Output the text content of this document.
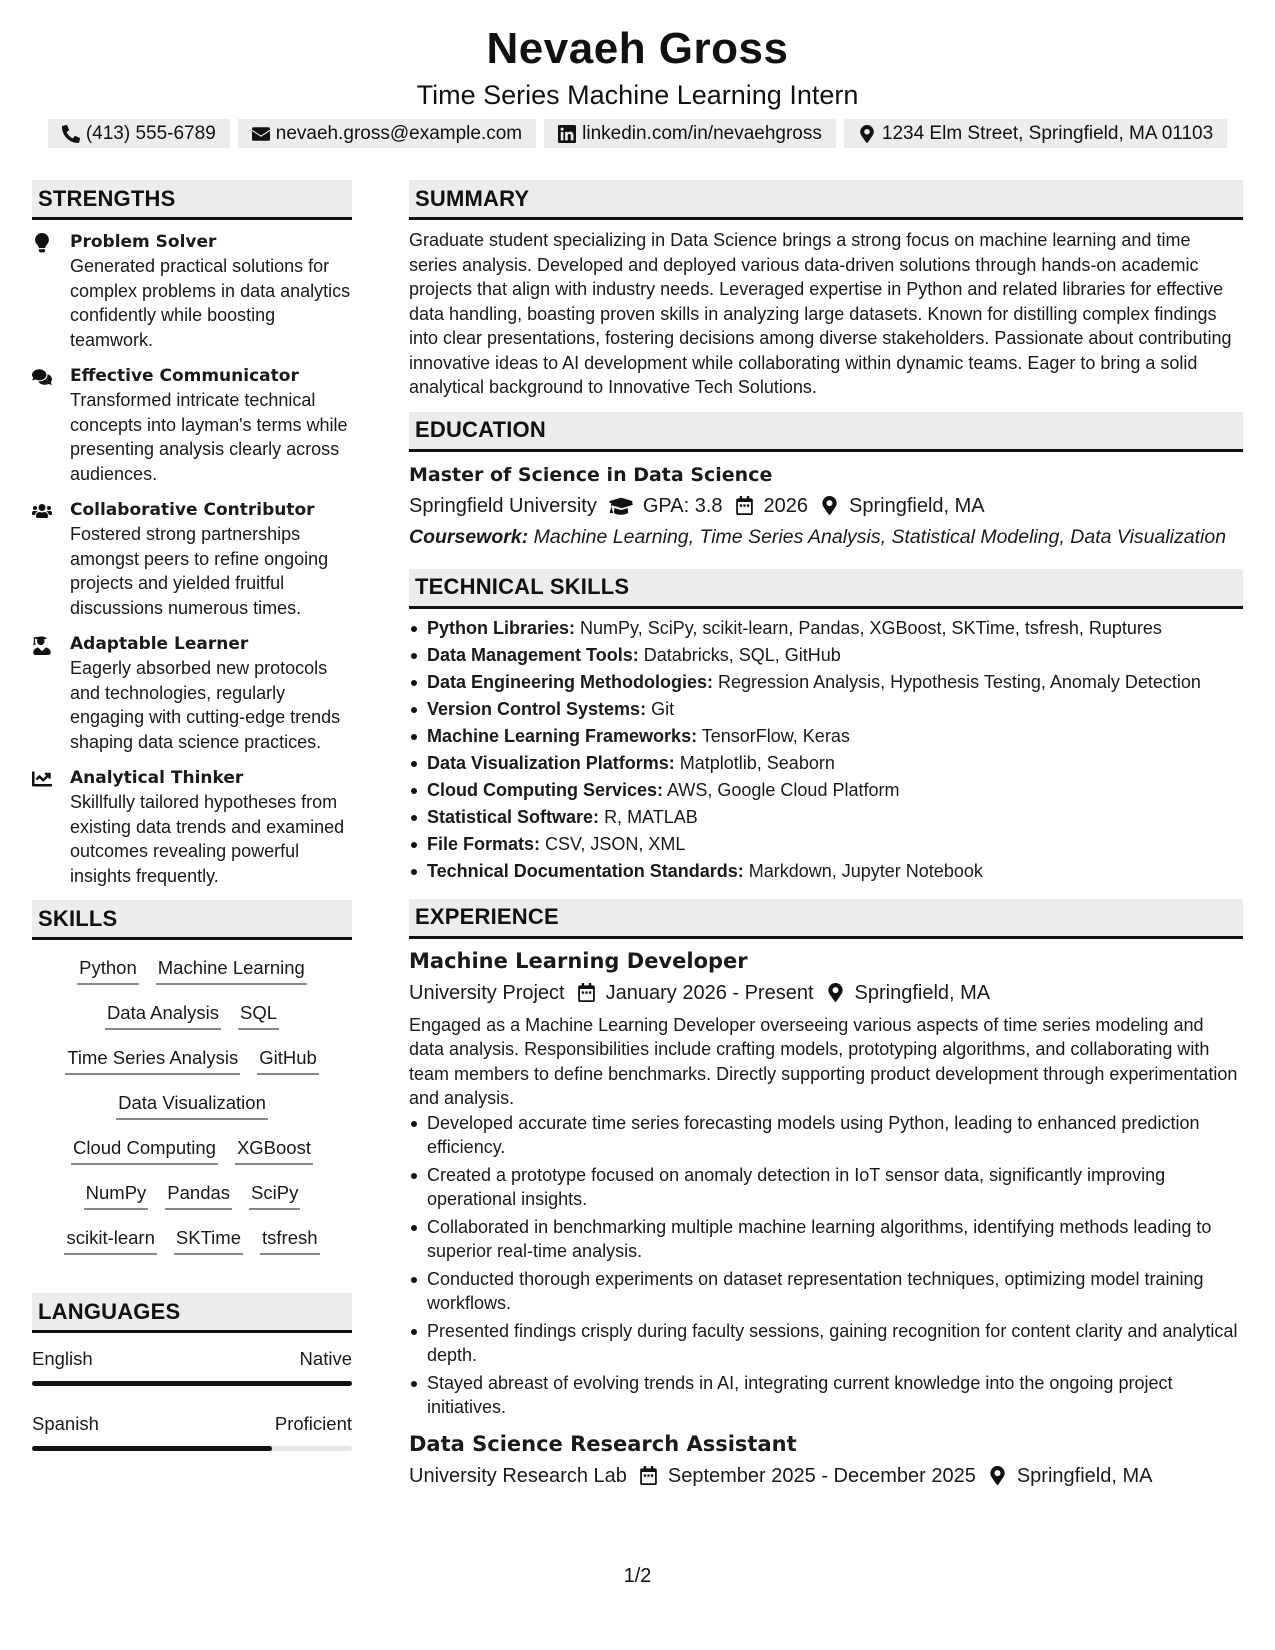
Nevaeh Gross
Time Series Machine Learning Intern
(413) 555-6789	nevaeh.gross@example.com	linkedin.com/in/nevaehgross	1234 Elm Street, Springfield, MA 01103
STRENGTHS
Problem Solver
Generated practical solutions for complex problems in data analytics confidently while boosting teamwork.
Effective Communicator
Transformed intricate technical concepts into layman's terms while presenting analysis clearly across audiences.
Collaborative Contributor
Fostered strong partnerships amongst peers to refine ongoing projects and yielded fruitful discussions numerous times.
Adaptable Learner
Eagerly absorbed new protocols and technologies, regularly engaging with cutting-edge trends shaping data science practices.
Analytical Thinker
Skillfully tailored hypotheses from existing data trends and examined outcomes revealing powerful insights frequently.
SKILLS
Python Machine Learning
Data Analysis SQL
Time Series Analysis GitHub
Data Visualization
Cloud Computing XGBoost
NumPy Pandas SciPy
scikit-learn SKTime tsfresh
LANGUAGES
English	Native
Spanish	Proficient
SUMMARY
Graduate student specializing in Data Science brings a strong focus on machine learning and time series analysis. Developed and deployed various data-driven solutions through hands-on academic projects that align with industry needs. Leveraged expertise in Python and related libraries for effective data handling, boasting proven skills in analyzing large datasets. Known for distilling complex findings into clear presentations, fostering decisions among diverse stakeholders. Passionate about contributing innovative ideas to AI development while collaborating within dynamic teams. Eager to bring a solid analytical background to Innovative Tech Solutions.
EDUCATION
Master of Science in Data Science
Springfield University GPA: 3.8 2026 Springfield, MA
Coursework: Machine Learning, Time Series Analysis, Statistical Modeling, Data Visualization
TECHNICAL SKILLS
Python Libraries: NumPy, SciPy, scikit-learn, Pandas, XGBoost, SKTime, tsfresh, Ruptures
Data Management Tools: Databricks, SQL, GitHub
Data Engineering Methodologies: Regression Analysis, Hypothesis Testing, Anomaly Detection
Version Control Systems: Git
Machine Learning Frameworks: TensorFlow, Keras
Data Visualization Platforms: Matplotlib, Seaborn
Cloud Computing Services: AWS, Google Cloud Platform
Statistical Software: R, MATLAB
File Formats: CSV, JSON, XML
Technical Documentation Standards: Markdown, Jupyter Notebook
EXPERIENCE
Machine Learning Developer
University Project January 2026 - Present Springfield, MA
Engaged as a Machine Learning Developer overseeing various aspects of time series modeling and data analysis. Responsibilities include crafting models, prototyping algorithms, and collaborating with team members to define benchmarks. Directly supporting product development through experimentation and analysis.
Developed accurate time series forecasting models using Python, leading to enhanced prediction efficiency.
Created a prototype focused on anomaly detection in IoT sensor data, significantly improving operational insights.
Collaborated in benchmarking multiple machine learning algorithms, identifying methods leading to superior real-time analysis.
Conducted thorough experiments on dataset representation techniques, optimizing model training workflows.
Presented findings crisply during faculty sessions, gaining recognition for content clarity and analytical depth.
Stayed abreast of evolving trends in AI, integrating current knowledge into the ongoing project initiatives.
Data Science Research Assistant
University Research Lab September 2025 - December 2025 Springfield, MA
1/2
